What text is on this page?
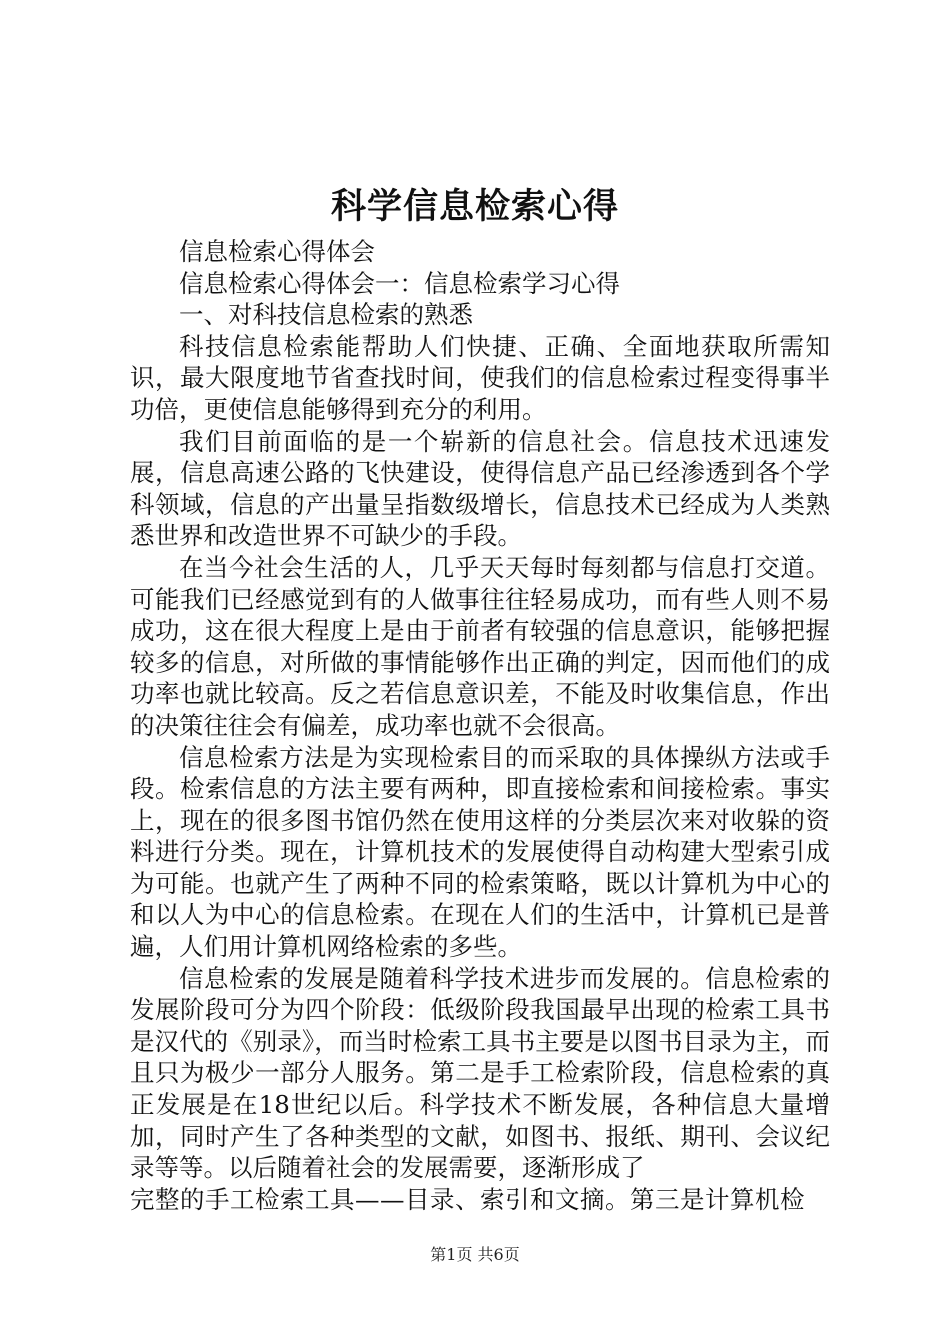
科学信息检索心得

信息检索心得体会

信息检索心得体会一：信息检索学习心得

一、对科技信息检索的熟悉

科技信息检索能帮助人们快捷、正确、全面地获取所需知识，最大限度地节省查找时间，使我们的信息检索过程变得事半功倍，更使信息能够得到充分的利用。

我们目前面临的是一个崭新的信息社会。信息技术迅速发展，信息高速公路的飞快建设，使得信息产品已经渗透到各个学科领域，信息的产出量呈指数级增长，信息技术已经成为人类熟悉世界和改造世界不可缺少的手段。

在当今社会生活的人，几乎天天每时每刻都与信息打交道。可能我们已经感觉到有的人做事往往轻易成功，而有些人则不易成功，这在很大程度上是由于前者有较强的信息意识，能够把握较多的信息，对所做的事情能够作出正确的判定，因而他们的成功率也就比较高。反之若信息意识差，不能及时收集信息，作出的决策往往会有偏差，成功率也就不会很高。

信息检索方法是为实现检索目的而采取的具体操纵方法或手段。检索信息的方法主要有两种，即直接检索和间接检索。事实上，现在的很多图书馆仍然在使用这样的分类层次来对收躲的资料进行分类。现在，计算机技术的发展使得自动构建大型索引成为可能。也就产生了两种不同的检索策略，既以计算机为中心的和以人为中心的信息检索。在现在人们的生活中，计算机已是普遍，人们用计算机网络检索的多些。

信息检索的发展是随着科学技术进步而发展的。信息检索的发展阶段可分为四个阶段：低级阶段我国最早出现的检索工具书是汉代的《别录》，而当时检索工具书主要是以图书目录为主，而且只为极少一部分人服务。第二是手工检索阶段，信息检索的真正发展是在18世纪以后。科学技术不断发展，各种信息大量增加，同时产生了各种类型的文献，如图书、报纸、期刊、会议纪录等等。以后随着社会的发展需要，逐渐形成了

完整的手工检索工具——目录、索引和文摘。第三是计算机检

第1页 共6页
